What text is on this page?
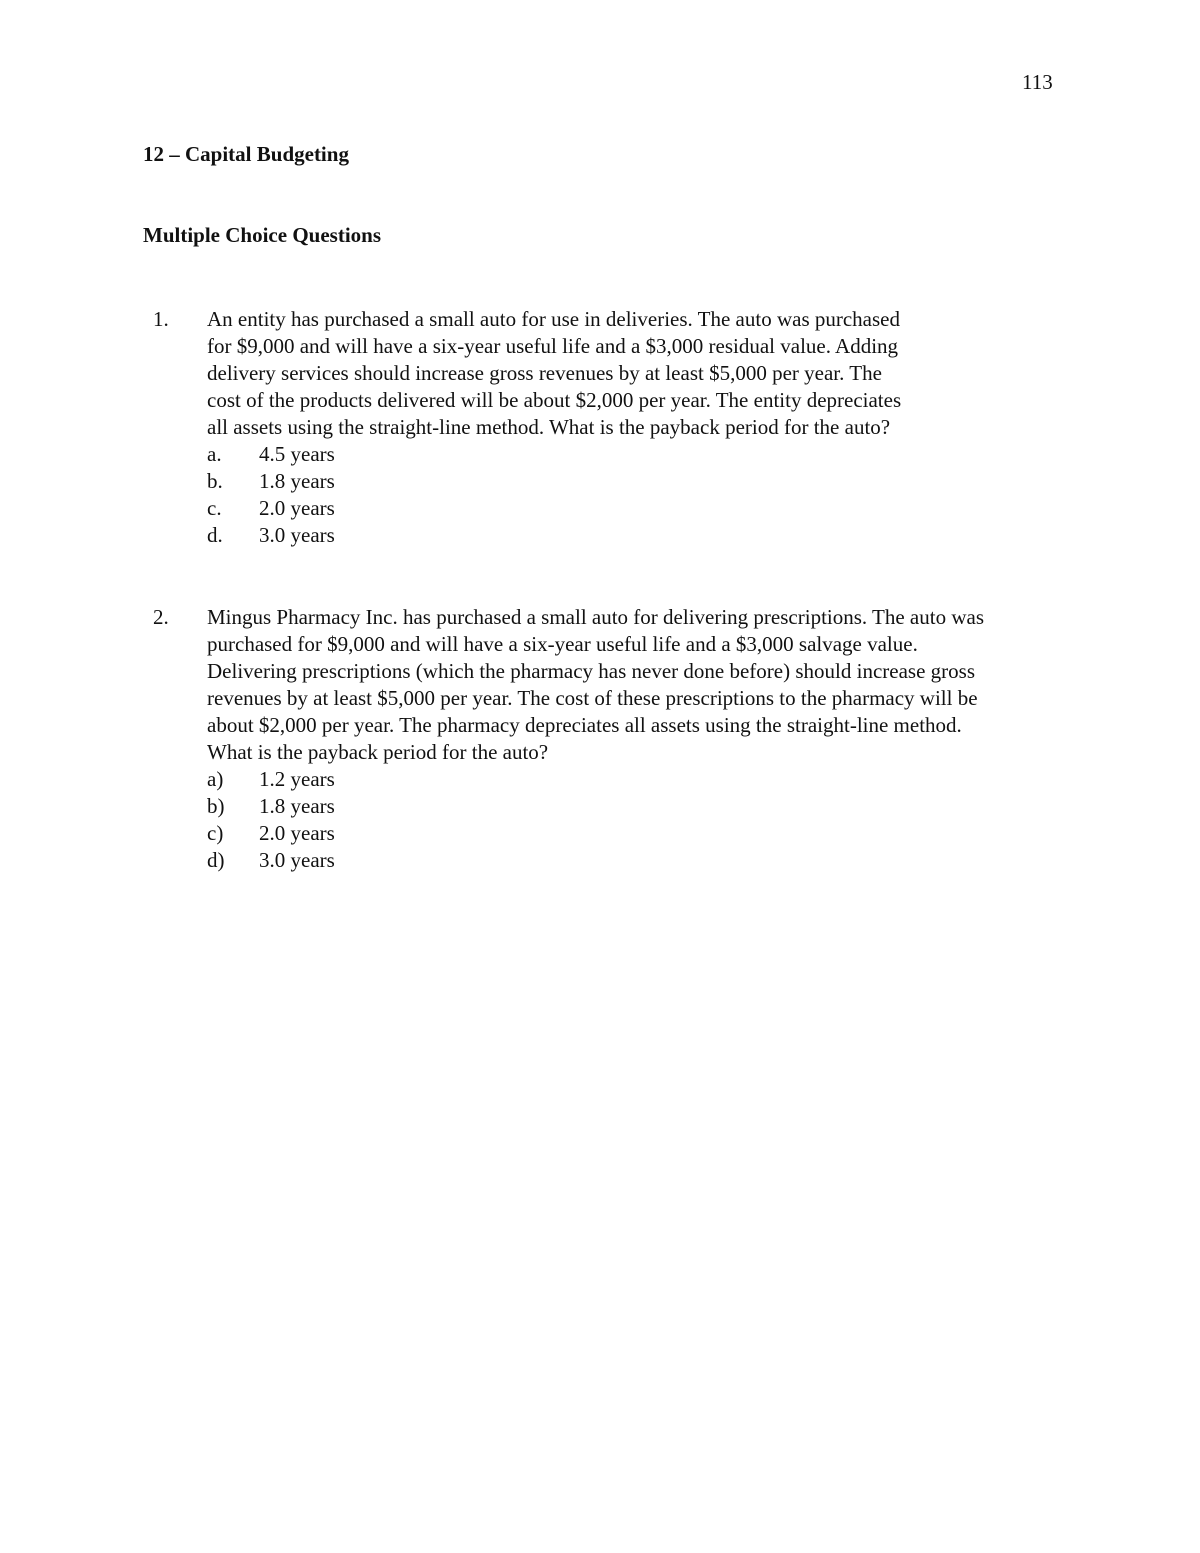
113
12 – Capital Budgeting
Multiple Choice Questions
1. An entity has purchased a small auto for use in deliveries. The auto was purchased
for $9,000 and will have a six-year useful life and a $3,000 residual value. Adding
delivery services should increase gross revenues by at least $5,000 per year. The
cost of the products delivered will be about $2,000 per year. The entity depreciates
all assets using the straight-line method. What is the payback period for the auto?
a. 4.5 years
b. 1.8 years
c. 2.0 years
d. 3.0 years
2. Mingus Pharmacy Inc. has purchased a small auto for delivering prescriptions. The auto was
purchased for $9,000 and will have a six-year useful life and a $3,000 salvage value.
Delivering prescriptions (which the pharmacy has never done before) should increase gross
revenues by at least $5,000 per year. The cost of these prescriptions to the pharmacy will be
about $2,000 per year. The pharmacy depreciates all assets using the straight-line method.
What is the payback period for the auto?
a) 1.2 years
b) 1.8 years
c) 2.0 years
d) 3.0 years
